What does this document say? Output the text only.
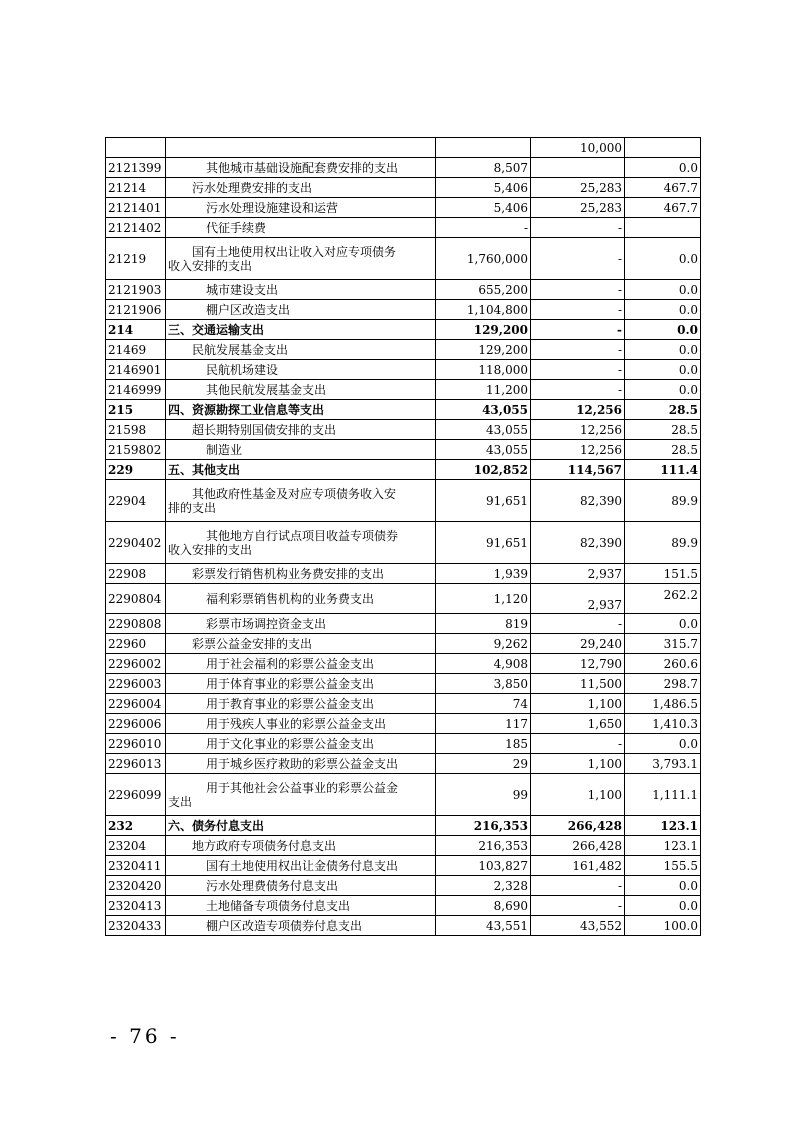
			10,000	
2121399	其他城市基础设施配套费安排的支出	8,507		0.0
21214	污水处理费安排的支出	5,406	25,283	467.7
2121401	污水处理设施建设和运营	5,406	25,283	467.7
2121402	代征手续费	-	-	
21219	国有土地使用权出让收入对应专项债务
收入安排的支出	1,760,000	-	0.0
2121903	城市建设支出	655,200	-	0.0
2121906	棚户区改造支出	1,104,800	-	0.0
214	三、交通运输支出	129,200	-	0.0
21469	民航发展基金支出	129,200	-	0.0
2146901	民航机场建设	118,000	-	0.0
2146999	其他民航发展基金支出	11,200	-	0.0
215	四、资源勘探工业信息等支出	43,055	12,256	28.5
21598	超长期特别国债安排的支出	43,055	12,256	28.5
2159802	制造业	43,055	12,256	28.5
229	五、其他支出	102,852	114,567	111.4
22904	其他政府性基金及对应专项债务收入安
排的支出	91,651	82,390	89.9
2290402	其他地方自行试点项目收益专项债券
收入安排的支出	91,651	82,390	89.9
22908	彩票发行销售机构业务费安排的支出	1,939	2,937	151.5
2290804	福利彩票销售机构的业务费支出	1,120	2,937	262.2
2290808	彩票市场调控资金支出	819	-	0.0
22960	彩票公益金安排的支出	9,262	29,240	315.7
2296002	用于社会福利的彩票公益金支出	4,908	12,790	260.6
2296003	用于体育事业的彩票公益金支出	3,850	11,500	298.7
2296004	用于教育事业的彩票公益金支出	74	1,100	1,486.5
2296006	用于残疾人事业的彩票公益金支出	117	1,650	1,410.3
2296010	用于文化事业的彩票公益金支出	185	-	0.0
2296013	用于城乡医疗救助的彩票公益金支出	29	1,100	3,793.1
2296099	用于其他社会公益事业的彩票公益金
支出	99	1,100	1,111.1
232	六、债务付息支出	216,353	266,428	123.1
23204	地方政府专项债务付息支出	216,353	266,428	123.1
2320411	国有土地使用权出让金债务付息支出	103,827	161,482	155.5
2320420	污水处理费债务付息支出	2,328	-	0.0
2320413	土地储备专项债务付息支出	8,690	-	0.0
2320433	棚户区改造专项债券付息支出	43,551	43,552	100.0
- 76 -
